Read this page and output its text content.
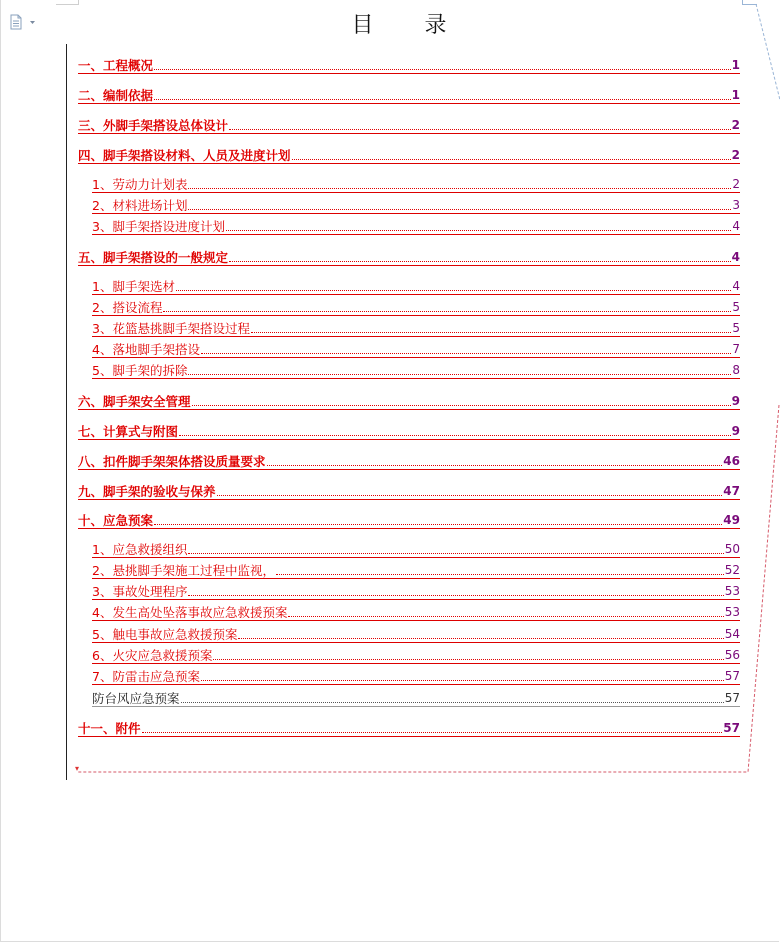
目 录
一、工程概况	1
二、编制依据	1
三、外脚手架搭设总体设计	2
四、脚手架搭设材料、人员及进度计划	2
1、劳动力计划表	2
2、材料进场计划	3
3、脚手架搭设进度计划	4
五、脚手架搭设的一般规定	4
1、脚手架选材	4
2、搭设流程	5
3、花篮悬挑脚手架搭设过程	5
4、落地脚手架搭设	7
5、脚手架的拆除	8
六、脚手架安全管理	9
七、计算式与附图	9
八、扣件脚手架架体搭设质量要求	46
九、脚手架的验收与保养	47
十、应急预案	49
1、应急救援组织	50
2、悬挑脚手架施工过程中监视，	52
3、事故处理程序	53
4、发生高处坠落事故应急救援预案	53
5、触电事故应急救援预案	54
6、火灾应急救援预案	56
7、防雷击应急预案	57
防台风应急预案	57
十一、附件	57
▾
